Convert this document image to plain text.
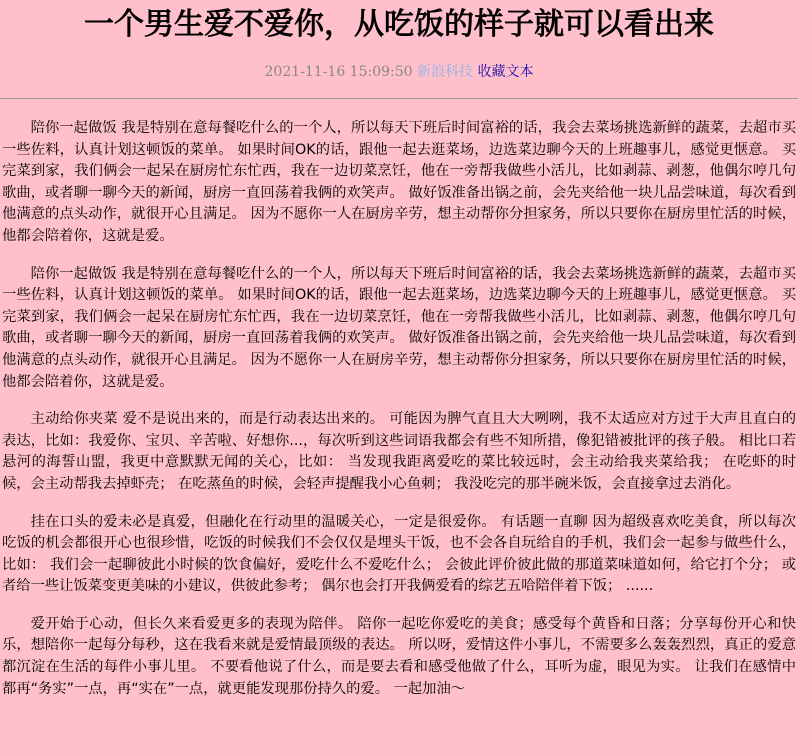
一个男生爱不爱你，从吃饭的样子就可以看出来
2021-11-16 15:09:50 新浪科技 收藏文本

陪你一起做饭 我是特别在意每餐吃什么的一个人，所以每天下班后时间富裕的话，我会去菜场挑选新鲜的蔬菜，去超市买一些佐料，认真计划这顿饭的菜单。 如果时间OK的话，跟他一起去逛菜场，边选菜边聊今天的上班趣事儿，感觉更惬意。 买完菜到家，我们俩会一起呆在厨房忙东忙西，我在一边切菜烹饪，他在一旁帮我做些小活儿，比如剥蒜、剥葱，他偶尔哼几句歌曲，或者聊一聊今天的新闻，厨房一直回荡着我俩的欢笑声。 做好饭准备出锅之前，会先夹给他一块儿品尝味道，每次看到他满意的点头动作，就很开心且满足。 因为不愿你一人在厨房辛劳，想主动帮你分担家务，所以只要你在厨房里忙活的时候，他都会陪着你，这就是爱。

陪你一起做饭 我是特别在意每餐吃什么的一个人，所以每天下班后时间富裕的话，我会去菜场挑选新鲜的蔬菜，去超市买一些佐料，认真计划这顿饭的菜单。 如果时间OK的话，跟他一起去逛菜场，边选菜边聊今天的上班趣事儿，感觉更惬意。 买完菜到家，我们俩会一起呆在厨房忙东忙西，我在一边切菜烹饪，他在一旁帮我做些小活儿，比如剥蒜、剥葱，他偶尔哼几句歌曲，或者聊一聊今天的新闻，厨房一直回荡着我俩的欢笑声。 做好饭准备出锅之前，会先夹给他一块儿品尝味道，每次看到他满意的点头动作，就很开心且满足。 因为不愿你一人在厨房辛劳，想主动帮你分担家务，所以只要你在厨房里忙活的时候，他都会陪着你，这就是爱。

主动给你夹菜 爱不是说出来的，而是行动表达出来的。 可能因为脾气直且大大咧咧，我不太适应对方过于大声且直白的表达，比如：我爱你、宝贝、辛苦啦、好想你...，每次听到这些词语我都会有些不知所措，像犯错被批评的孩子般。 相比口若悬河的海誓山盟，我更中意默默无闻的关心，比如： 当发现我距离爱吃的菜比较远时，会主动给我夹菜给我； 在吃虾的时候，会主动帮我去掉虾壳； 在吃蒸鱼的时候，会轻声提醒我小心鱼刺； 我没吃完的那半碗米饭，会直接拿过去消化。

挂在口头的爱未必是真爱，但融化在行动里的温暖关心，一定是很爱你。 有话题一直聊 因为超级喜欢吃美食，所以每次吃饭的机会都很开心也很珍惜，吃饭的时候我们不会仅仅是埋头干饭，也不会各自玩给自的手机，我们会一起参与做些什么，比如： 我们会一起聊彼此小时候的饮食偏好，爱吃什么不爱吃什么； 会彼此评价彼此做的那道菜味道如何，给它打个分； 或者给一些让饭菜变更美味的小建议，供彼此参考； 偶尔也会打开我俩爱看的综艺五哈陪伴着下饭； ......

爱开始于心动，但长久来看爱更多的表现为陪伴。 陪你一起吃你爱吃的美食；感受每个黄昏和日落；分享每份开心和快乐，想陪你一起每分每秒，这在我看来就是爱情最顶级的表达。 所以呀，爱情这件小事儿，不需要多么轰轰烈烈，真正的爱意都沉淀在生活的每件小事儿里。 不要看他说了什么，而是要去看和感受他做了什么，耳听为虚，眼见为实。 让我们在感情中都再“务实”一点，再“实在”一点，就更能发现那份持久的爱。 一起加油～
